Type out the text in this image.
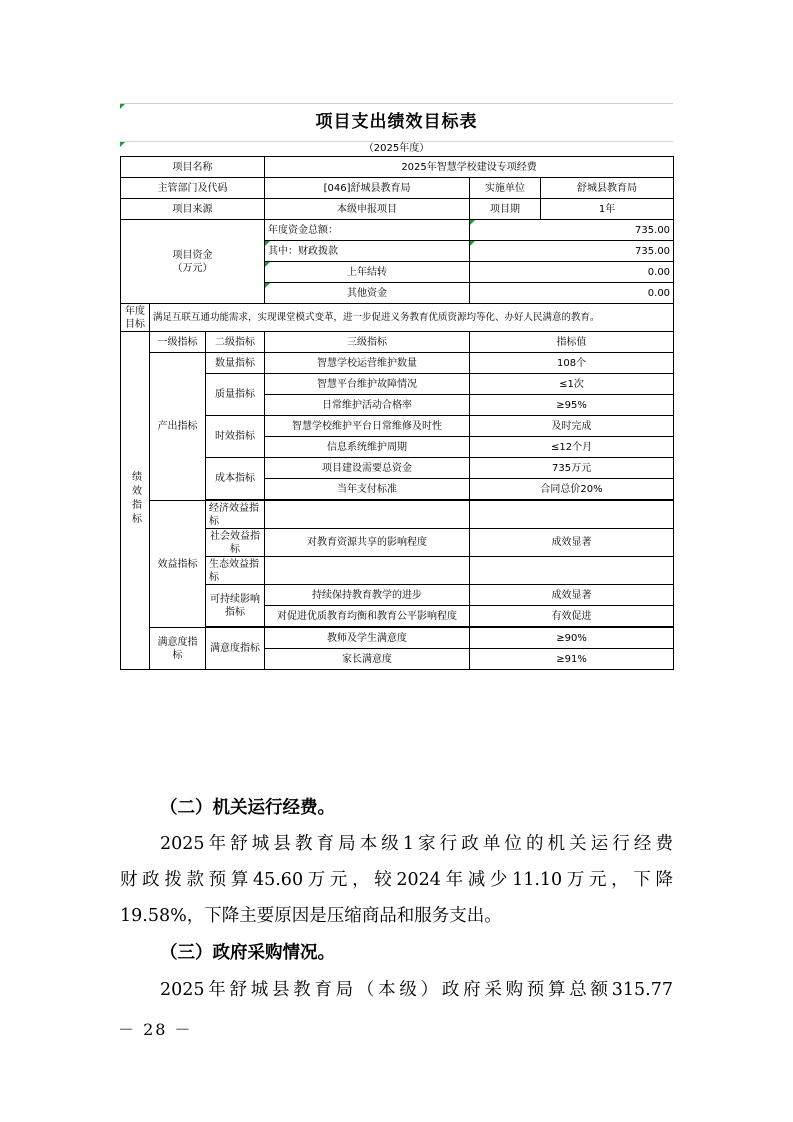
项目支出绩效目标表
（2025年度）
项目名称			2025年智慧学校建设专项经费		
主管部门及代码			[046]舒城县教育局	实施单位	舒城县教育局
项目来源			本级申报项目	项目期	1年
项目资金
（万元）			年度资金总额：	735.00	

其中：财政拨款	735.00	

上年结转	0.00	

其他资金	0.00	
年度目标	满足互联互通功能需求，实现课堂模式变革，进一步促进义务教育优质资源均等化、办好人民满意的教育。				
绩效指标	一级指标	二级指标	三级指标	指标值	
	产出指标	数量指标	智慧学校运营维护数量	108个	
		质量指标	智慧平台维护故障情况	≤1次	
			日常维护活动合格率	≥95%	
		时效指标	智慧学校维护平台日常维修及时性	及时完成	
			信息系统维护周期	≤12个月	
		成本指标	项目建设需要总资金	735万元	
			当年支付标准	合同总价20%	

	效益指标	经济效益指标			
		社会效益指标	对教育资源共享的影响程度	成效显著	
		生态效益指标			
		可持续影响指标	持续保持教育教学的进步	成效显著	
			对促进优质教育均衡和教育公平影响程度	有效促进	

	满意度指标	满意度指标	教师及学生满意度	≥90%	
			家长满意度	≥91%	
（二）机关运行经费。
2025年舒城县教育局本级1家行政单位的机关运行经费
财政拨款预算45.60万元，较2024年减少11.10万元，下降
19.58%，下降主要原因是压缩商品和服务支出。
（三）政府采购情况。
2025年舒城县教育局（本级）政府采购预算总额315.77
－ 28 －
